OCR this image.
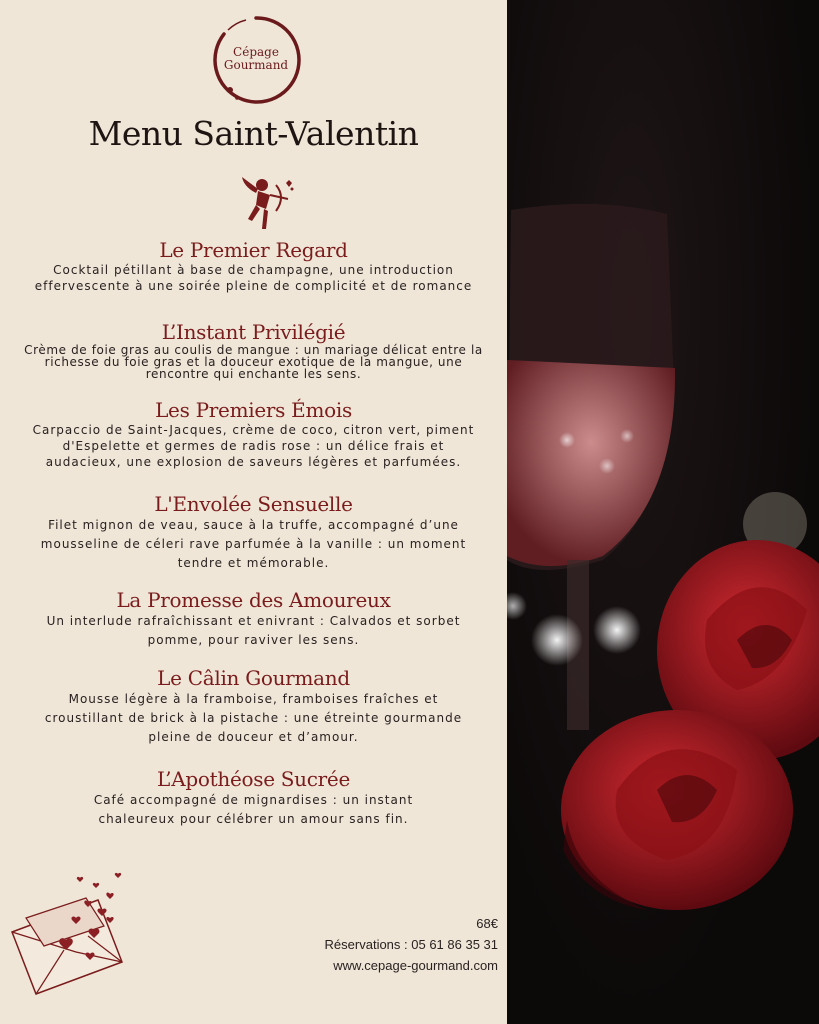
Cépage
Gourmand
Menu Saint-Valentin
Le Premier Regard

Cocktail pétillant à base de champagne, une introduction effervescente à une soirée pleine de complicité et de romance

L’Instant Privilégié

Crème de foie gras au coulis de mangue : un mariage délicat entre la richesse du foie gras et la douceur exotique de la mangue, une rencontre qui enchante les sens.

Les Premiers Émois

Carpaccio de Saint-Jacques, crème de coco, citron vert, piment d'Espelette et germes de radis rose : un délice frais et audacieux, une explosion de saveurs légères et parfumées.

L'Envolée Sensuelle

Filet mignon de veau, sauce à la truffe, accompagné d’une mousseline de céleri rave parfumée à la vanille : un moment tendre et mémorable.

La Promesse des Amoureux

Un interlude rafraîchissant et enivrant : Calvados et sorbet pomme, pour raviver les sens.

Le Câlin Gourmand

Mousse légère à la framboise, framboises fraîches et croustillant de brick à la pistache : une étreinte gourmande pleine de douceur et d’amour.

L’Apothéose Sucrée

Café accompagné de mignardises : un instant chaleureux pour célébrer un amour sans fin.

68€
Réservations : 05 61 86 35 31
www.cepage-gourmand.com
